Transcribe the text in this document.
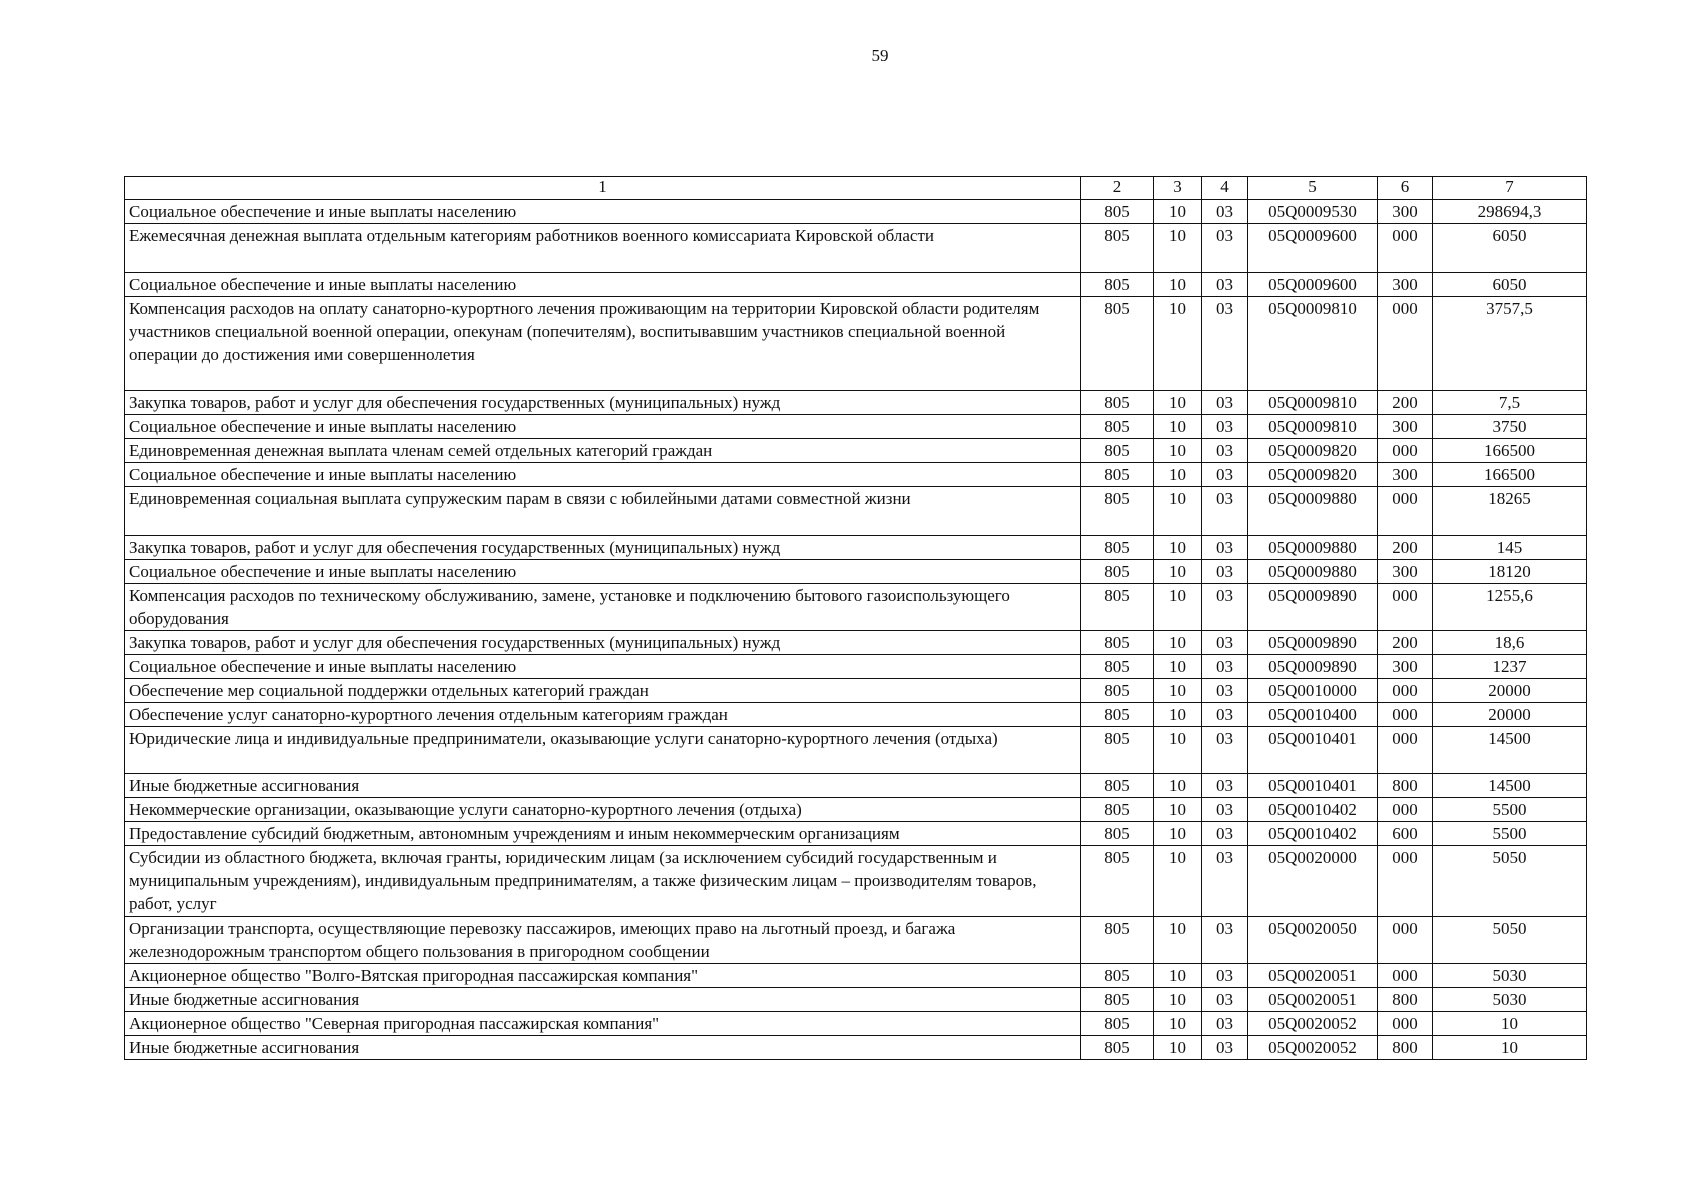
59
1	2	3	4	5	6	7
Социальное обеспечение и иные выплаты населению	805	10	03	05Q0009530	300	298694,3
Ежемесячная денежная выплата отдельным категориям работников военного комиссариата Кировской области	805	10	03	05Q0009600	000	6050
Социальное обеспечение и иные выплаты населению	805	10	03	05Q0009600	300	6050
Компенсация расходов на оплату санаторно-курортного лечения проживающим на территории Кировской области родителям участников специальной военной операции, опекунам (попечителям), воспитывавшим участников специальной военной операции до достижения ими совершеннолетия	805	10	03	05Q0009810	000	3757,5
Закупка товаров, работ и услуг для обеспечения государственных (муниципальных) нужд	805	10	03	05Q0009810	200	7,5
Социальное обеспечение и иные выплаты населению	805	10	03	05Q0009810	300	3750
Единовременная денежная выплата членам семей отдельных категорий граждан	805	10	03	05Q0009820	000	166500
Социальное обеспечение и иные выплаты населению	805	10	03	05Q0009820	300	166500
Единовременная социальная выплата супружеским парам в связи с юбилейными датами совместной жизни	805	10	03	05Q0009880	000	18265
Закупка товаров, работ и услуг для обеспечения государственных (муниципальных) нужд	805	10	03	05Q0009880	200	145
Социальное обеспечение и иные выплаты населению	805	10	03	05Q0009880	300	18120
Компенсация расходов по техническому обслуживанию, замене, установке и подключению бытового газоиспользующего оборудования	805	10	03	05Q0009890	000	1255,6
Закупка товаров, работ и услуг для обеспечения государственных (муниципальных) нужд	805	10	03	05Q0009890	200	18,6
Социальное обеспечение и иные выплаты населению	805	10	03	05Q0009890	300	1237
Обеспечение мер социальной поддержки отдельных категорий граждан	805	10	03	05Q0010000	000	20000
Обеспечение услуг санаторно-курортного лечения отдельным категориям граждан	805	10	03	05Q0010400	000	20000
Юридические лица и индивидуальные предприниматели, оказывающие услуги санаторно-курортного лечения (отдыха)	805	10	03	05Q0010401	000	14500
Иные бюджетные ассигнования	805	10	03	05Q0010401	800	14500
Некоммерческие организации, оказывающие услуги санаторно-курортного лечения (отдыха)	805	10	03	05Q0010402	000	5500
Предоставление субсидий бюджетным, автономным учреждениям и иным некоммерческим организациям	805	10	03	05Q0010402	600	5500
Субсидии из областного бюджета, включая гранты, юридическим лицам (за исключением субсидий государственным и муниципальным учреждениям), индивидуальным предпринимателям, а также физическим лицам – производителям товаров, работ, услуг	805	10	03	05Q0020000	000	5050
Организации транспорта, осуществляющие перевозку пассажиров, имеющих право на льготный проезд, и багажа железнодорожным транспортом общего пользования в пригородном сообщении	805	10	03	05Q0020050	000	5050
Акционерное общество "Волго-Вятская пригородная пассажирская компания"	805	10	03	05Q0020051	000	5030
Иные бюджетные ассигнования	805	10	03	05Q0020051	800	5030
Акционерное общество "Северная пригородная пассажирская компания"	805	10	03	05Q0020052	000	10
Иные бюджетные ассигнования	805	10	03	05Q0020052	800	10
